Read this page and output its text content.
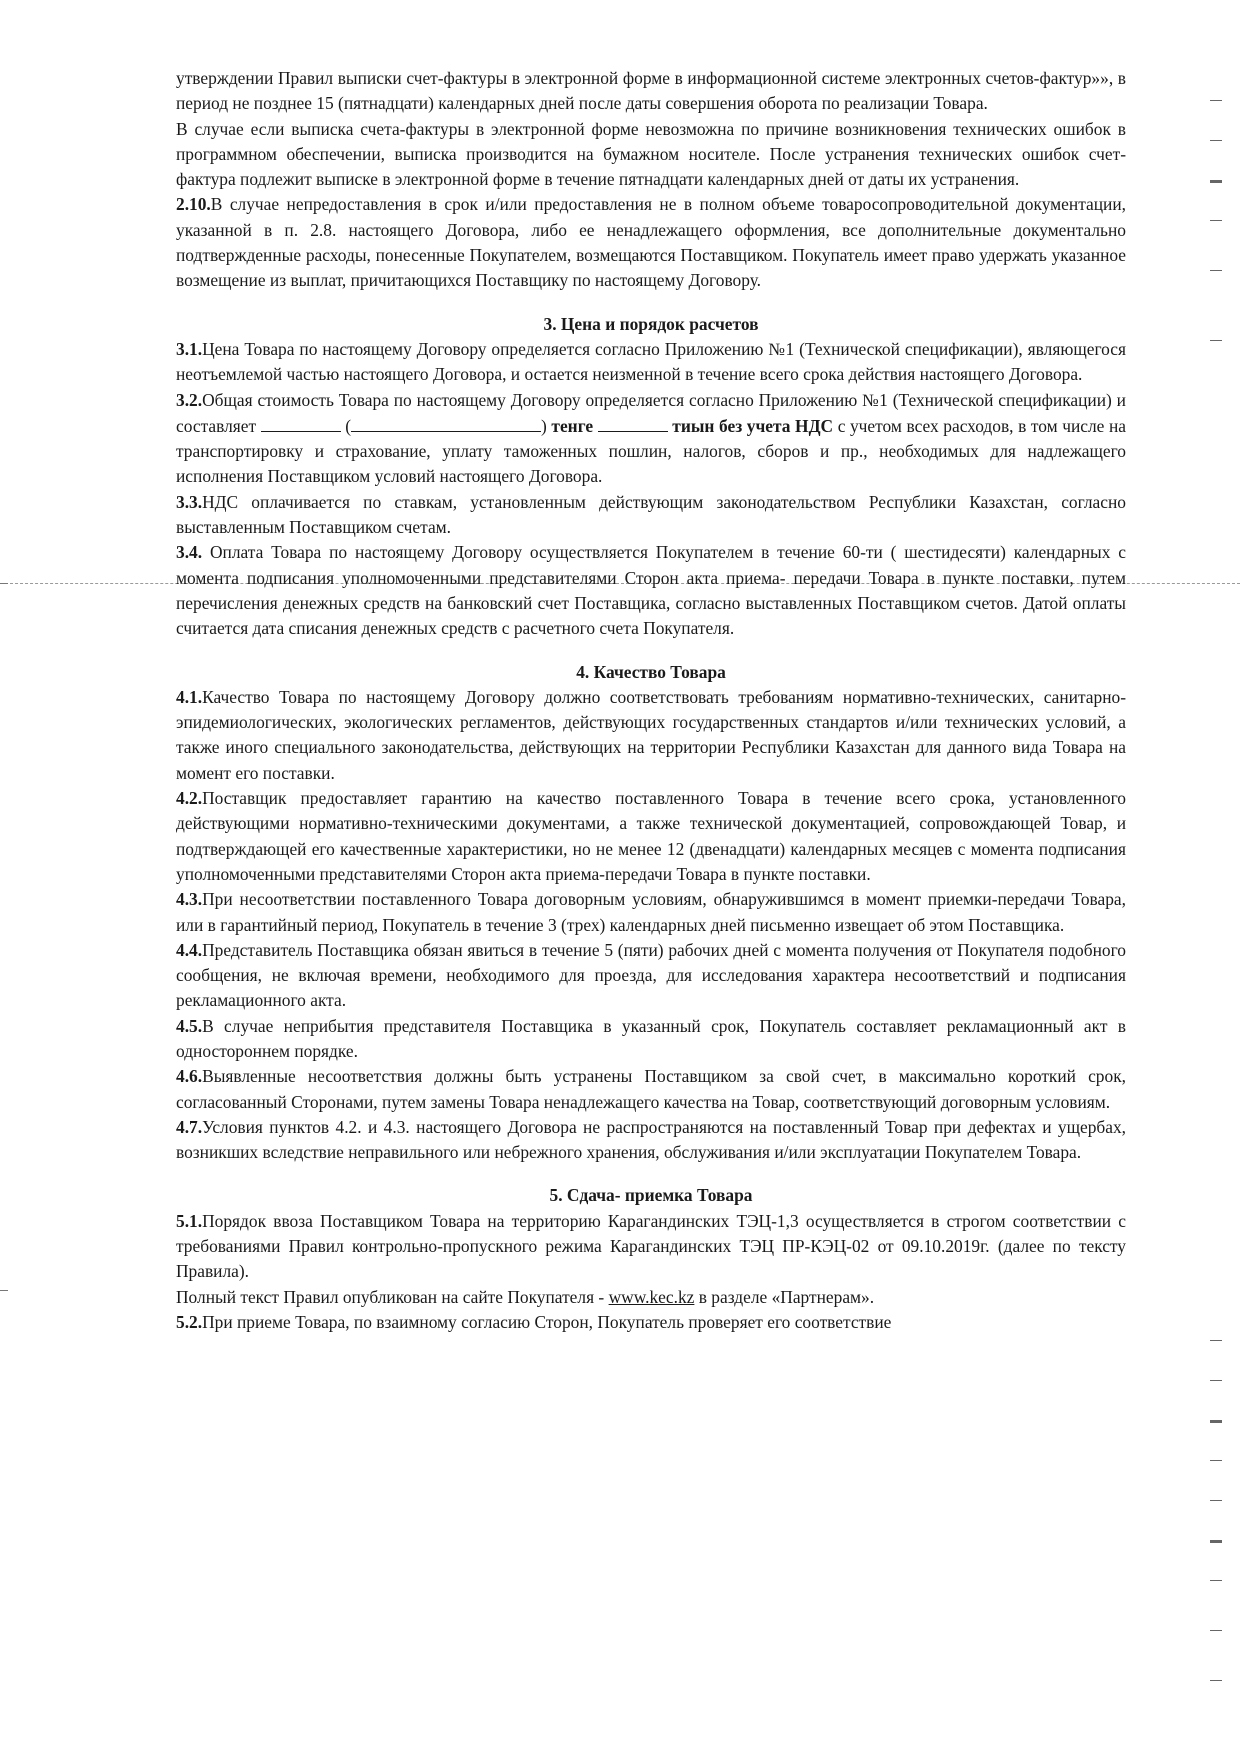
утверждении Правил выписки счет-фактуры в электронной форме в информационной системе электронных счетов-фактур»», в период не позднее 15 (пятнадцати) календарных дней после даты совершения оборота по реализации Товара.

В случае если выписка счета-фактуры в электронной форме невозможна по причине возникновения технических ошибок в программном обеспечении, выписка производится на бумажном носителе. После устранения технических ошибок счет-фактура подлежит выписке в электронной форме в течение пятнадцати календарных дней от даты их устранения.

2.10.В случае непредоставления в срок и/или предоставления не в полном объеме товаросопроводительной документации, указанной в п. 2.8. настоящего Договора, либо ее ненадлежащего оформления, все дополнительные документально подтвержденные расходы, понесенные Покупателем, возмещаются Поставщиком. Покупатель имеет право удержать указанное возмещение из выплат, причитающихся Поставщику по настоящему Договору.

3. Цена и порядок расчетов

3.1.Цена Товара по настоящему Договору определяется согласно Приложению №1 (Технической спецификации), являющегося неотъемлемой частью настоящего Договора, и остается неизменной в течение всего срока действия настоящего Договора.

3.2.Общая стоимость Товара по настоящему Договору определяется согласно Приложению №1 (Технической спецификации) и составляет	(	) тенге	тиын без учета НДС с учетом всех расходов, в том числе на транспортировку и страхование, уплату таможенных пошлин, налогов, сборов и пр., необходимых для надлежащего исполнения Поставщиком условий настоящего Договора.

3.3.НДС оплачивается по ставкам, установленным действующим законодательством Республики Казахстан, согласно выставленным Поставщиком счетам.

3.4. Оплата Товара по настоящему Договору осуществляется Покупателем в течение 60-ти ( шестидесяти) календарных с момента подписания уполномоченными представителями Сторон акта приема- передачи Товара в пункте поставки, путем перечисления денежных средств на банковский счет Поставщика, согласно выставленных Поставщиком счетов. Датой оплаты считается дата списания денежных средств с расчетного счета Покупателя.

4. Качество Товара

4.1.Качество Товара по настоящему Договору должно соответствовать требованиям нормативно-технических, санитарно-эпидемиологических, экологических регламентов, действующих государственных стандартов и/или технических условий, а также иного специального законодательства, действующих на территории Республики Казахстан для данного вида Товара на момент его поставки.

4.2.Поставщик предоставляет гарантию на качество поставленного Товара в течение всего срока, установленного действующими нормативно-техническими документами, а также технической документацией, сопровождающей Товар, и подтверждающей его качественные характеристики, но не менее 12 (двенадцати) календарных месяцев с момента подписания уполномоченными представителями Сторон акта приема-передачи Товара в пункте поставки.

4.3.При несоответствии поставленного Товара договорным условиям, обнаружившимся в момент приемки-передачи Товара, или в гарантийный период, Покупатель в течение 3 (трех) календарных дней письменно извещает об этом Поставщика.

4.4.Представитель Поставщика обязан явиться в течение 5 (пяти) рабочих дней с момента получения от Покупателя подобного сообщения, не включая времени, необходимого для проезда, для исследования характера несоответствий и подписания рекламационного акта.

4.5.В случае неприбытия представителя Поставщика в указанный срок, Покупатель составляет рекламационный акт в одностороннем порядке.

4.6.Выявленные несоответствия должны быть устранены Поставщиком за свой счет, в максимально короткий срок, согласованный Сторонами, путем замены Товара ненадлежащего качества на Товар, соответствующий договорным условиям.

4.7.Условия пунктов 4.2. и 4.3. настоящего Договора не распространяются на поставленный Товар при дефектах и ущербах, возникших вследствие неправильного или небрежного хранения, обслуживания и/или эксплуатации Покупателем Товара.

5. Сдача- приемка Товара

5.1.Порядок ввоза Поставщиком Товара на территорию Карагандинских ТЭЦ-1,3 осуществляется в строгом соответствии с требованиями Правил контрольно-пропускного режима Карагандинских ТЭЦ ПР-КЭЦ-02 от 09.10.2019г. (далее по тексту Правила).

Полный текст Правил опубликован на сайте Покупателя - www.kec.kz в разделе «Партнерам».

5.2.При приеме Товара, по взаимному согласию Сторон, Покупатель проверяет его соответствие
